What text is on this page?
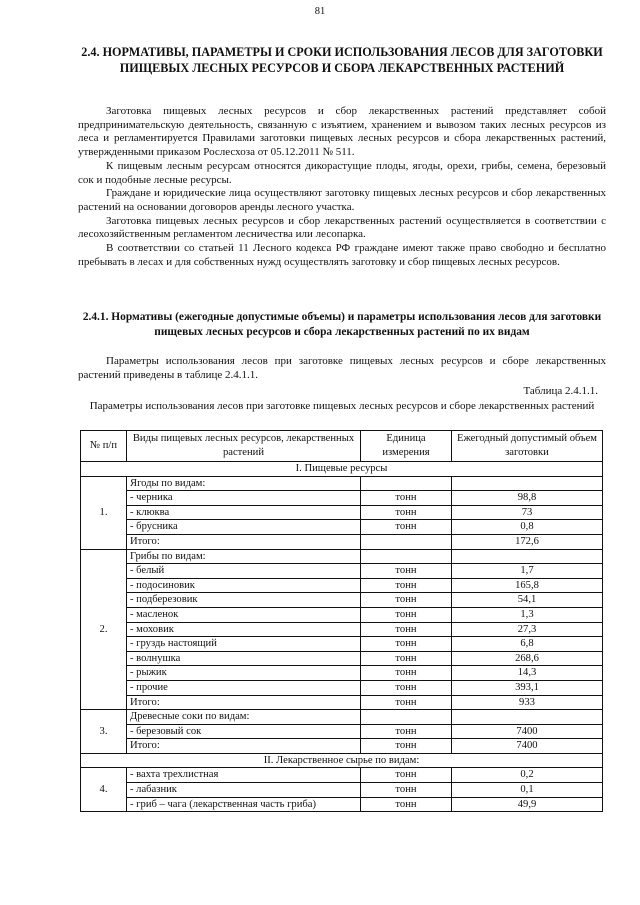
81
2.4. НОРМАТИВЫ, ПАРАМЕТРЫ И СРОКИ ИСПОЛЬЗОВАНИЯ ЛЕСОВ ДЛЯ ЗАГОТОВКИ ПИЩЕВЫХ ЛЕСНЫХ РЕСУРСОВ И СБОРА ЛЕКАРСТВЕННЫХ РАСТЕНИЙ

Заготовка пищевых лесных ресурсов и сбор лекарственных растений представляет собой предпринимательскую деятельность, связанную с изъятием, хранением и вывозом таких лесных ресурсов из леса и регламентируется Правилами заготовки пищевых лесных ресурсов и сбора лекарственных растений, утвержденными приказом Рослесхоза от 05.12.2011 № 511.

К пищевым лесным ресурсам относятся дикорастущие плоды, ягоды, орехи, грибы, семена, березовый сок и подобные лесные ресурсы.

Граждане и юридические лица осуществляют заготовку пищевых лесных ресурсов и сбор лекарственных растений на основании договоров аренды лесного участка.

Заготовка пищевых лесных ресурсов и сбор лекарственных растений осуществляется в соответствии с лесохозяйственным регламентом лесничества или лесопарка.

В соответствии со статьей 11 Лесного кодекса РФ граждане имеют также право свободно и бесплатно пребывать в лесах и для собственных нужд осуществлять заготовку и сбор пищевых лесных ресурсов.

2.4.1. Нормативы (ежегодные допустимые объемы) и параметры использования лесов для заготовки пищевых лесных ресурсов и сбора лекарственных растений по их видам

Параметры использования лесов при заготовке пищевых лесных ресурсов и сборе лекарственных растений приведены в таблице 2.4.1.1.

Таблица 2.4.1.1.
Параметры использования лесов при заготовке пищевых лесных ресурсов и сборе лекарственных растений
№ п/п	Виды пищевых лесных ресурсов, лекарственных растений	Единица измерения	Ежегодный допустимый объем заготовки
I. Пищевые ресурсы			
1.	Ягоды по видам:		
	- черника	тонн	98,8
	- клюква	тонн	73
	- брусника	тонн	0,8
	Итого:		172,6
2.	Грибы по видам:		
	- белый	тонн	1,7
	- подосиновик	тонн	165,8
	- подберезовик	тонн	54,1
	- масленок	тонн	1,3
	- моховик	тонн	27,3
	- груздь настоящий	тонн	6,8
	- волнушка	тонн	268,6
	- рыжик	тонн	14,3
	- прочие	тонн	393,1
	Итого:	тонн	933
3.	Древесные соки по видам:		
	- березовый сок	тонн	7400
	Итого:	тонн	7400
II. Лекарственное сырье по видам:			
4.	- вахта трехлистная	тонн	0,2
	- лабазник	тонн	0,1
	- гриб – чага (лекарственная часть гриба)	тонн	49,9
